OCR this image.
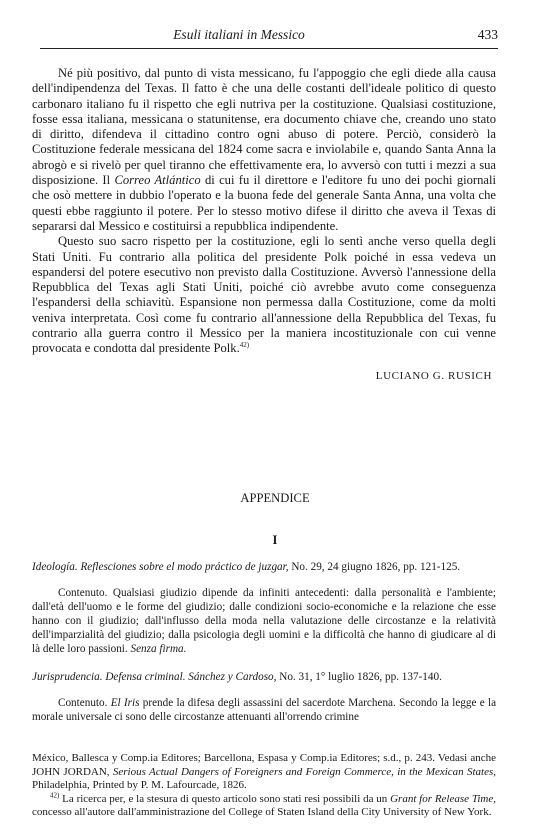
Esuli italiani in Messico	433

Né più positivo, dal punto di vista messicano, fu l'appoggio che egli diede alla causa dell'indipendenza del Texas. Il fatto è che una delle costanti dell'ideale politico di questo carbonaro italiano fu il rispetto che egli nutriva per la costituzione. Qualsiasi costituzione, fosse essa italiana, messicana o statunitense, era documento chiave che, creando uno stato di diritto, difendeva il cittadino contro ogni abuso di potere. Perciò, considerò la Costituzione federale messicana del 1824 come sacra e inviolabile e, quando Santa Anna la abrogò e si rivelò per quel tiranno che effettivamente era, lo avversò con tutti i mezzi a sua disposizione. Il Correo Atlántico di cui fu il direttore e l'editore fu uno dei pochi giornali che osò mettere in dubbio l'operato e la buona fede del generale Santa Anna, una volta che questi ebbe raggiunto il potere. Per lo stesso motivo difese il diritto che aveva il Texas di separarsi dal Messico e costituirsi a repubblica indipendente.

Questo suo sacro rispetto per la costituzione, egli lo sentì anche verso quella degli Stati Uniti. Fu contrario alla politica del presidente Polk poiché in essa vedeva un espandersi del potere esecutivo non previsto dalla Costituzione. Avversò l'annessione della Repubblica del Texas agli Stati Uniti, poiché ciò avrebbe avuto come conseguenza l'espandersi della schiavitù. Espansione non permessa dalla Costituzione, come da molti veniva interpretata. Così come fu contrario all'annessione della Repubblica del Texas, fu contrario alla guerra contro il Messico per la maniera incostituzionale con cui venne provocata e condotta dal presidente Polk.$^{42)}$

LUCIANO G. RUSICH
APPENDICE
I

Ideología. Reflesciones sobre el modo práctico de juzgar, No. 29, 24 giugno 1826, pp. 121-125.

Contenuto. Qualsiasi giudizio dipende da infiniti antecedenti: dalla personalità e l'ambiente; dall'età dell'uomo e le forme del giudizio; dalle condizioni socio-economiche e la relazione che esse hanno con il giudizio; dall'influsso della moda nella valutazione delle circostanze e la relatività dell'imparzialità del giudizio; dalla psicologia degli uomini e la difficoltà che hanno di giudicare al di là delle loro passioni. Senza firma.

Jurisprudencia. Defensa criminal. Sánchez y Cardoso, No. 31, 1° luglio 1826, pp. 137-140.

Contenuto. El Iris prende la difesa degli assassini del sacerdote Marchena. Secondo la legge e la morale universale ci sono delle circostanze attenuanti all'orrendo crimine

México, Ballesca y Comp.ia Editores; Barcellona, Espasa y Comp.ia Editores; s.d., p. 243. Vedasi anche JOHN JORDAN, Serious Actual Dangers of Foreigners and Foreign Commerce, in the Mexican States, Philadelphia, Printed by P. M. Lafourcade, 1826.

$^{42)}$ La ricerca per, e la stesura di questo articolo sono stati resi possibili da un Grant for Release Time, concesso all'autore dall'amministrazione del College of Staten Island della City University of New York.
